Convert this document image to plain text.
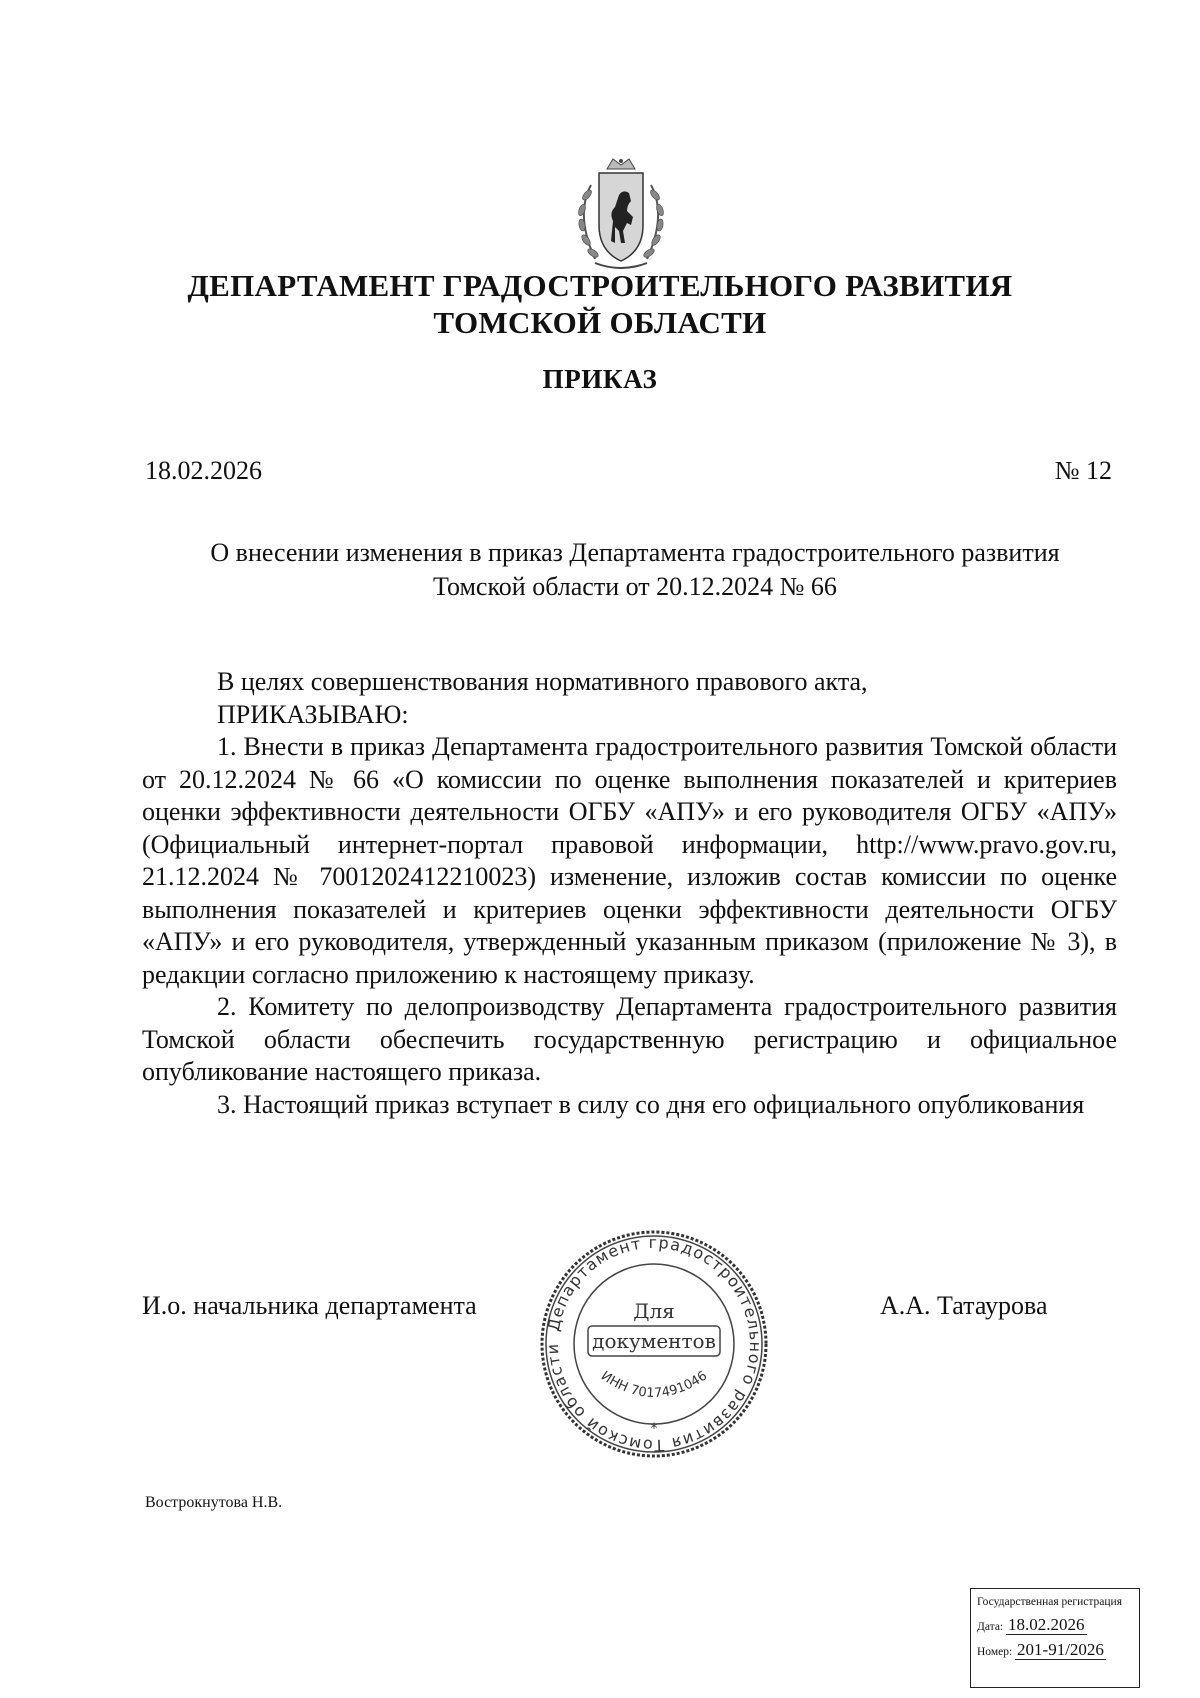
ДЕПАРТАМЕНТ ГРАДОСТРОИТЕЛЬНОГО РАЗВИТИЯ
ТОМСКОЙ ОБЛАСТИ
ПРИКАЗ
18.02.2026	№ 12
О внесении изменения в приказ Департамента градостроительного развития
Томской области от 20.12.2024 № 66

В целях совершенствования нормативного правового акта,

ПРИКАЗЫВАЮ:

1. Внести в приказ Департамента градостроительного развития Томской области от 20.12.2024 № 66 «О комиссии по оценке выполнения показателей и критериев оценки эффективности деятельности ОГБУ «АПУ» и его руководителя ОГБУ «АПУ» (Официальный интернет-портал правовой информации, http://www.pravo.gov.ru, 21.12.2024 № 7001202412210023) изменение, изложив состав комиссии по оценке выполнения показателей и критериев оценки эффективности деятельности ОГБУ «АПУ» и его руководителя, утвержденный указанным приказом (приложение № 3), в редакции согласно приложению к настоящему приказу.

2. Комитету по делопроизводству Департамента градостроительного развития Томской области обеспечить государственную регистрацию и официальное опубликование настоящего приказа.

3. Настоящий приказ вступает в силу со дня его официального опубликования

И.о. начальника департамента
Департамент градостроительного развития Томской области
Для
документов
ИНН 7017491046
*
А.А. Татаурова
Вострокнутова Н.В.
Государственная регистрация
Дата: 18.02.2026
Номер: 201-91/2026
